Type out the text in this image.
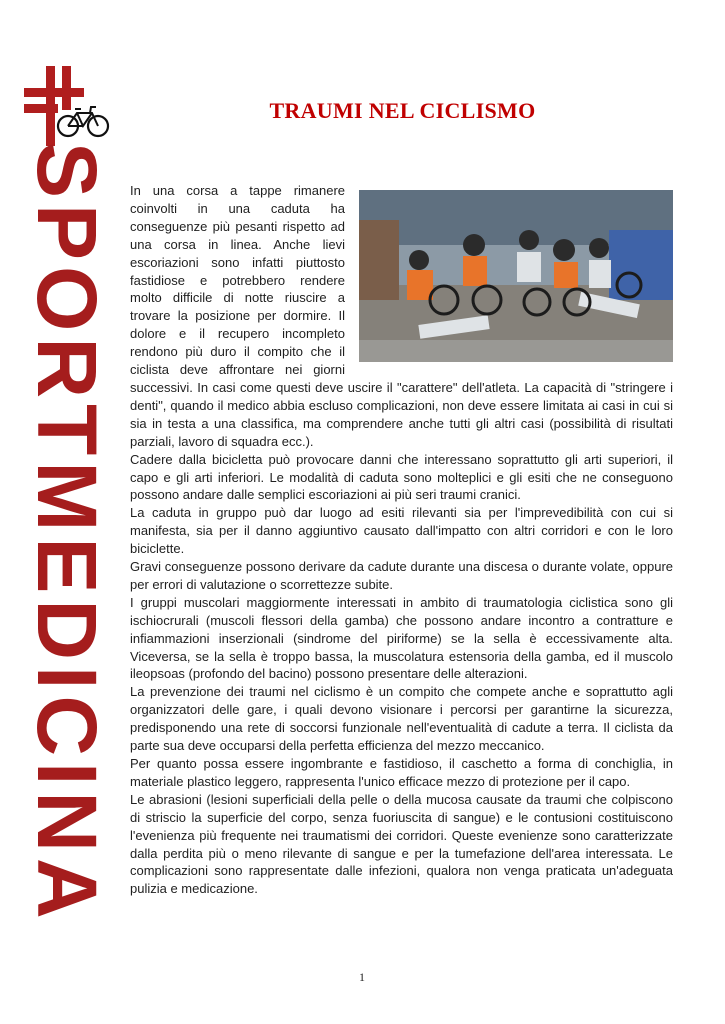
SPORTMEDICINA
TRAUMI NEL CICLISMO

In una corsa a tappe rimanere coinvolti in una caduta ha conseguenze più pesanti rispetto ad una corsa in linea. Anche lievi escoriazioni sono infatti piuttosto fastidiose e potrebbero rendere molto difficile di notte riuscire a trovare la posizione per dormire. Il dolore e il recupero incompleto rendono più duro il compito che il ciclista deve affrontare nei giorni successivi. In casi come questi deve uscire il "carattere" dell'atleta. La capacità di "stringere i denti", quando il medico abbia escluso complicazioni, non deve essere limitata ai casi in cui si sia in testa a una classifica, ma comprendere anche tutti gli altri casi (possibilità di risultati parziali, lavoro di squadra ecc.).

Cadere dalla bicicletta può provocare danni che interessano soprattutto gli arti superiori, il capo e gli arti inferiori. Le modalità di caduta sono molteplici e gli esiti che ne conseguono possono andare dalle semplici escoriazioni ai più seri traumi cranici.

La caduta in gruppo può dar luogo ad esiti rilevanti sia per l'imprevedibilità con cui si manifesta, sia per il danno aggiuntivo causato dall'impatto con altri corridori e con le loro biciclette.

Gravi conseguenze possono derivare da cadute durante una discesa o durante volate, oppure per errori di valutazione o scorrettezze subite.

I gruppi muscolari maggiormente interessati in ambito di traumatologia ciclistica sono gli ischiocrurali (muscoli flessori della gamba) che possono andare incontro a contratture e infiammazioni inserzionali (sindrome del piriforme) se la sella è eccessivamente alta. Viceversa, se la sella è troppo bassa, la muscolatura estensoria della gamba, ed il muscolo ileopsoas (profondo del bacino) possono presentare delle alterazioni.

La prevenzione dei traumi nel ciclismo è un compito che compete anche e soprattutto agli organizzatori delle gare, i quali devono visionare i percorsi per garantirne la sicurezza, predisponendo una rete di soccorsi funzionale nell'eventualità di cadute a terra. Il ciclista da parte sua deve occuparsi della perfetta efficienza del mezzo meccanico.

Per quanto possa essere ingombrante e fastidioso, il caschetto a forma di conchiglia, in materiale plastico leggero, rappresenta l'unico efficace mezzo di protezione per il capo.

Le abrasioni (lesioni superficiali della pelle o della mucosa causate da traumi che colpiscono di striscio la superficie del corpo, senza fuoriuscita di sangue) e le contusioni costituiscono l'evenienza più frequente nei traumatismi dei corridori. Queste evenienze sono caratterizzate dalla perdita più o meno rilevante di sangue e per la tumefazione dell'area interessata. Le complicazioni sono rappresentate dalle infezioni, qualora non venga praticata un'adeguata pulizia e medicazione.

1
